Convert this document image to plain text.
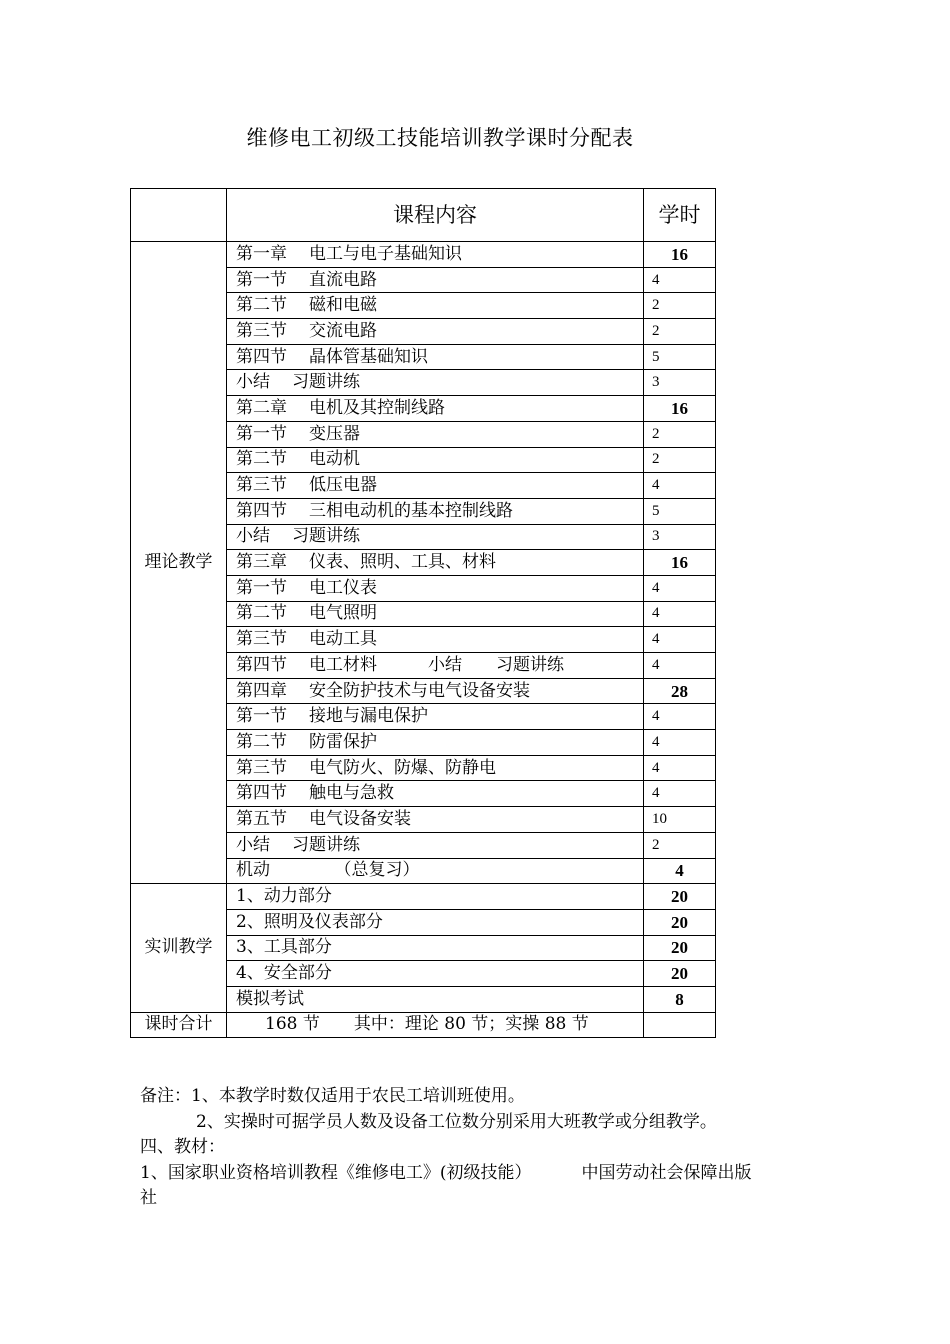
维修电工初级工技能培训教学课时分配表
	课程内容	学时
理论教学	第一章 电工与电子基础知识	16
	第一节 直流电路	4
	第二节 磁和电磁	2
	第三节 交流电路	2
	第四节 晶体管基础知识	5
	小结 习题讲练	3
	第二章 电机及其控制线路	16
	第一节 变压器	2
	第二节 电动机	2
	第三节 低压电器	4
	第四节 三相电动机的基本控制线路	5
	小结 习题讲练	3
	第三章 仪表、照明、工具、材料	16
	第一节 电工仪表	4
	第二节 电气照明	4
	第三节 电动工具	4
	第四节 电工材料　　　小结　　习题讲练	4
	第四章 安全防护技术与电气设备安装	28
	第一节 接地与漏电保护	4
	第二节 防雷保护	4
	第三节 电气防火、防爆、防静电	4
	第四节 触电与急救	4
	第五节 电气设备安装	10
	小结 习题讲练	2
	机动　　　（总复习）	4
实训教学	1、动力部分	20
	2、照明及仪表部分	20
	3、工具部分	20
	4、安全部分	20
	模拟考试	8
课时合计	168 节　　其中：理论 80 节；实操 88 节	
备注：1、本教学时数仅适用于农民工培训班使用。
2、实操时可据学员人数及设备工位数分别采用大班教学或分组教学。
四、教材：
1、国家职业资格培训教程《维修电工》(初级技能）	中国劳动社会保障出版
社
